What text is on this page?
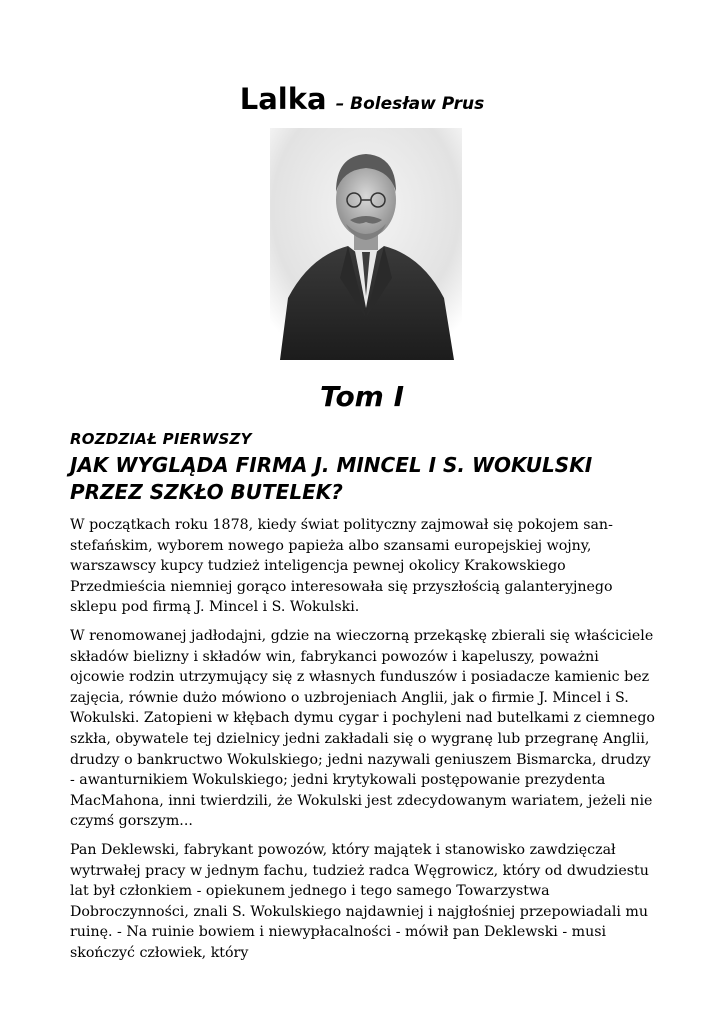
Lalka – Bolesław Prus
Tom I
ROZDZIAŁ PIERWSZY
JAK WYGLĄDA FIRMA J. MINCEL I S. WOKULSKI
PRZEZ SZKŁO BUTELEK?

W początkach roku 1878, kiedy świat polityczny zajmował się pokojem san-stefańskim, wyborem nowego papieża albo szansami europejskiej wojny, warszawscy kupcy tudzież inteligencja pewnej okolicy Krakowskiego Przedmieścia niemniej gorąco interesowała się przyszłością galanteryjnego sklepu pod firmą J. Mincel i S. Wokulski.

W renomowanej jadłodajni, gdzie na wieczorną przekąskę zbierali się właściciele składów bielizny i składów win, fabrykanci powozów i kapeluszy, poważni ojcowie rodzin utrzymujący się z własnych funduszów i posiadacze kamienic bez zajęcia, równie dużo mówiono o uzbrojeniach Anglii, jak o firmie J. Mincel i S. Wokulski. Zatopieni w kłębach dymu cygar i pochyleni nad butelkami z ciemnego szkła, obywatele tej dzielnicy jedni zakładali się o wygranę lub przegranę Anglii, drudzy o bankructwo Wokulskiego; jedni nazywali geniuszem Bismarcka, drudzy - awanturnikiem Wokulskiego; jedni krytykowali postępowanie prezydenta MacMahona, inni twierdzili, że Wokulski jest zdecydowanym wariatem, jeżeli nie czymś gorszym...

Pan Deklewski, fabrykant powozów, który majątek i stanowisko zawdzięczał wytrwałej pracy w jednym fachu, tudzież radca Węgrowicz, który od dwudziestu lat był członkiem - opiekunem jednego i tego samego Towarzystwa Dobroczynności, znali S. Wokulskiego najdawniej i najgłośniej przepowiadali mu ruinę. - Na ruinie bowiem i niewypłacalności - mówił pan Deklewski - musi skończyć człowiek, który
